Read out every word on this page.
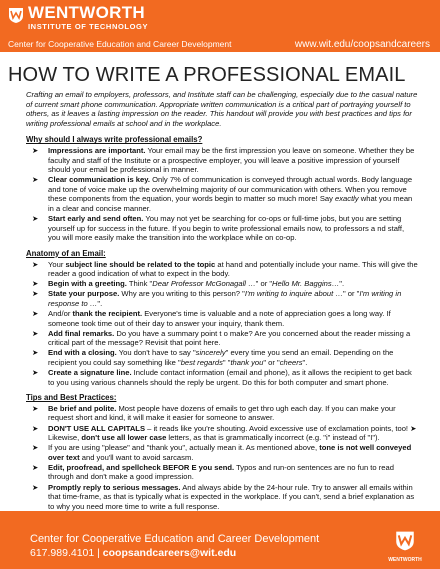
WENTWORTH
INSTITUTE OF TECHNOLOGY
Center for Cooperative Education and Career Development	www.wit.edu/coopsandcareers
HOW TO WRITE A PROFESSIONAL EMAIL

Crafting an email to employers, professors, and Institute staff can be challenging, especially due to the casual nature of current smart phone communication. Appropriate written communication is a critical part of portraying yourself to others, as it leaves a lasting impression on the reader. This handout will provide you with best practices and tips for writing professional emails at school and in the workplace.

Why should I always write professional emails?
➤ Impressions are important. Your email may be the first impression you leave on someone. Whether they be faculty and staff of the Institute or a prospective employer, you will leave a positive impression of yourself should your email be professional in manner.
➤ Clear communication is key. Only 7% of communication is conveyed through actual words. Body language and tone of voice make up the overwhelming majority of our communication with others. When you remove these components from the equation, your words begin to matter so much more! Say exactly what you mean in a clear and concise manner.
➤ Start early and send often. You may not yet be searching for co-ops or full-time jobs, but you are setting yourself up for success in the future. If you begin to write professional emails now, to professors a nd staff, you will more easily make the transition into the workplace while on co-op.
Anatomy of an Email:
➤ Your subject line should be related to the topic at hand and potentially include your name. This will give the reader a good indication of what to expect in the body.
➤ Begin with a greeting. Think "Dear Professor McGonagall …" or "Hello Mr. Baggins…".
➤ State your purpose. Why are you writing to this person? "I'm writing to inquire about …" or "I'm writing in response to …".
➤ And/or thank the recipient. Everyone's time is valuable and a note of appreciation goes a long way. If someone took time out of their day to answer your inquiry, thank them.
➤ Add final remarks. Do you have a summary point t o make? Are you concerned about the reader missing a critical part of the message? Revisit that point here.
➤ End with a closing. You don't have to say "sincerely" every time you send an email. Depending on the recipient you could say something like "best regards" "thank you" or "cheers".
➤ Create a signature line. Include contact information (email and phone), as it allows the recipient to get back to you using various channels should the reply be urgent. Do this for both computer and smart phone.
Tips and Best Practices:
➤ Be brief and polite. Most people have dozens of emails to get thro ugh each day. If you can make your request short and kind, it will make it easier for someone to answer.
➤ DON'T USE ALL CAPITALS – it reads like you're shouting. Avoid excessive use of exclamation points, too! ➤ Likewise, don't use all lower case letters, as that is grammatically incorrect (e.g. "i" instead of "I").
➤ If you are using "please" and "thank you", actually mean it. As mentioned above, tone is not well conveyed over text and you'll want to avoid sarcasm.
➤ Edit, proofread, and spellcheck BEFOR E you send. Typos and run-on sentences are no fun to read through and don't make a good impression.
➤ Promptly reply to serious messages. And always abide by the 24-hour rule. Try to answer all emails within that time-frame, as that is typically what is expected in the workplace. If you can't, send a brief explanation as to why you need more time to write a full response.
Center for Cooperative Education and Career Development
617.989.4101 | coopsandcareers@wit.edu
WENTWORTH
